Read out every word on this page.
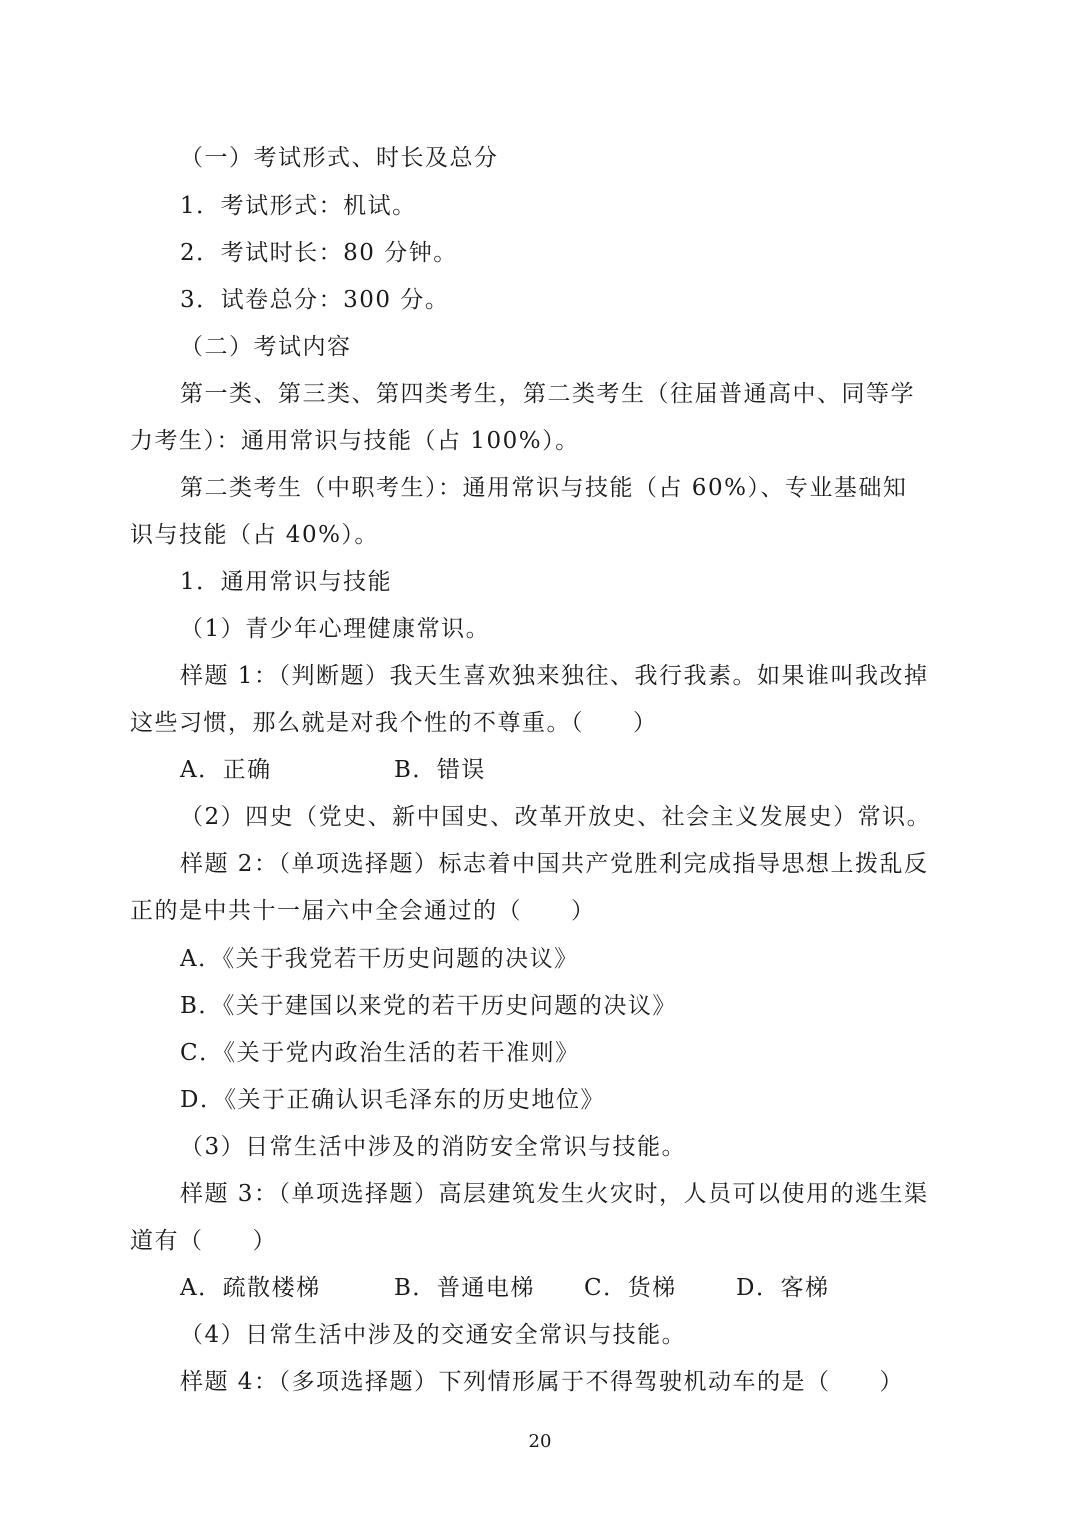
（一）考试形式、时长及总分
1．考试形式：机试。
2．考试时长：80 分钟。
3．试卷总分：300 分。
（二）考试内容
第一类、第三类、第四类考生，第二类考生（往届普通高中、同等学
力考生）：通用常识与技能（占 100%）。
第二类考生（中职考生）：通用常识与技能（占 60%）、专业基础知
识与技能（占 40%）。
1．通用常识与技能
（1）青少年心理健康常识。
样题 1：（判断题）我天生喜欢独来独往、我行我素。如果谁叫我改掉
这些习惯，那么就是对我个性的不尊重。（　　）
A．正确	B．错误
（2）四史（党史、新中国史、改革开放史、社会主义发展史）常识。
样题 2：（单项选择题）标志着中国共产党胜利完成指导思想上拨乱反
正的是中共十一届六中全会通过的（　　）
A．《关于我党若干历史问题的决议》
B．《关于建国以来党的若干历史问题的决议》
C．《关于党内政治生活的若干准则》
D．《关于正确认识毛泽东的历史地位》
（3）日常生活中涉及的消防安全常识与技能。
样题 3：（单项选择题）高层建筑发生火灾时，人员可以使用的逃生渠
道有（　　）
A．疏散楼梯	B．普通电梯	C．货梯	D．客梯
（4）日常生活中涉及的交通安全常识与技能。
样题 4：（多项选择题）下列情形属于不得驾驶机动车的是（　　）
20
